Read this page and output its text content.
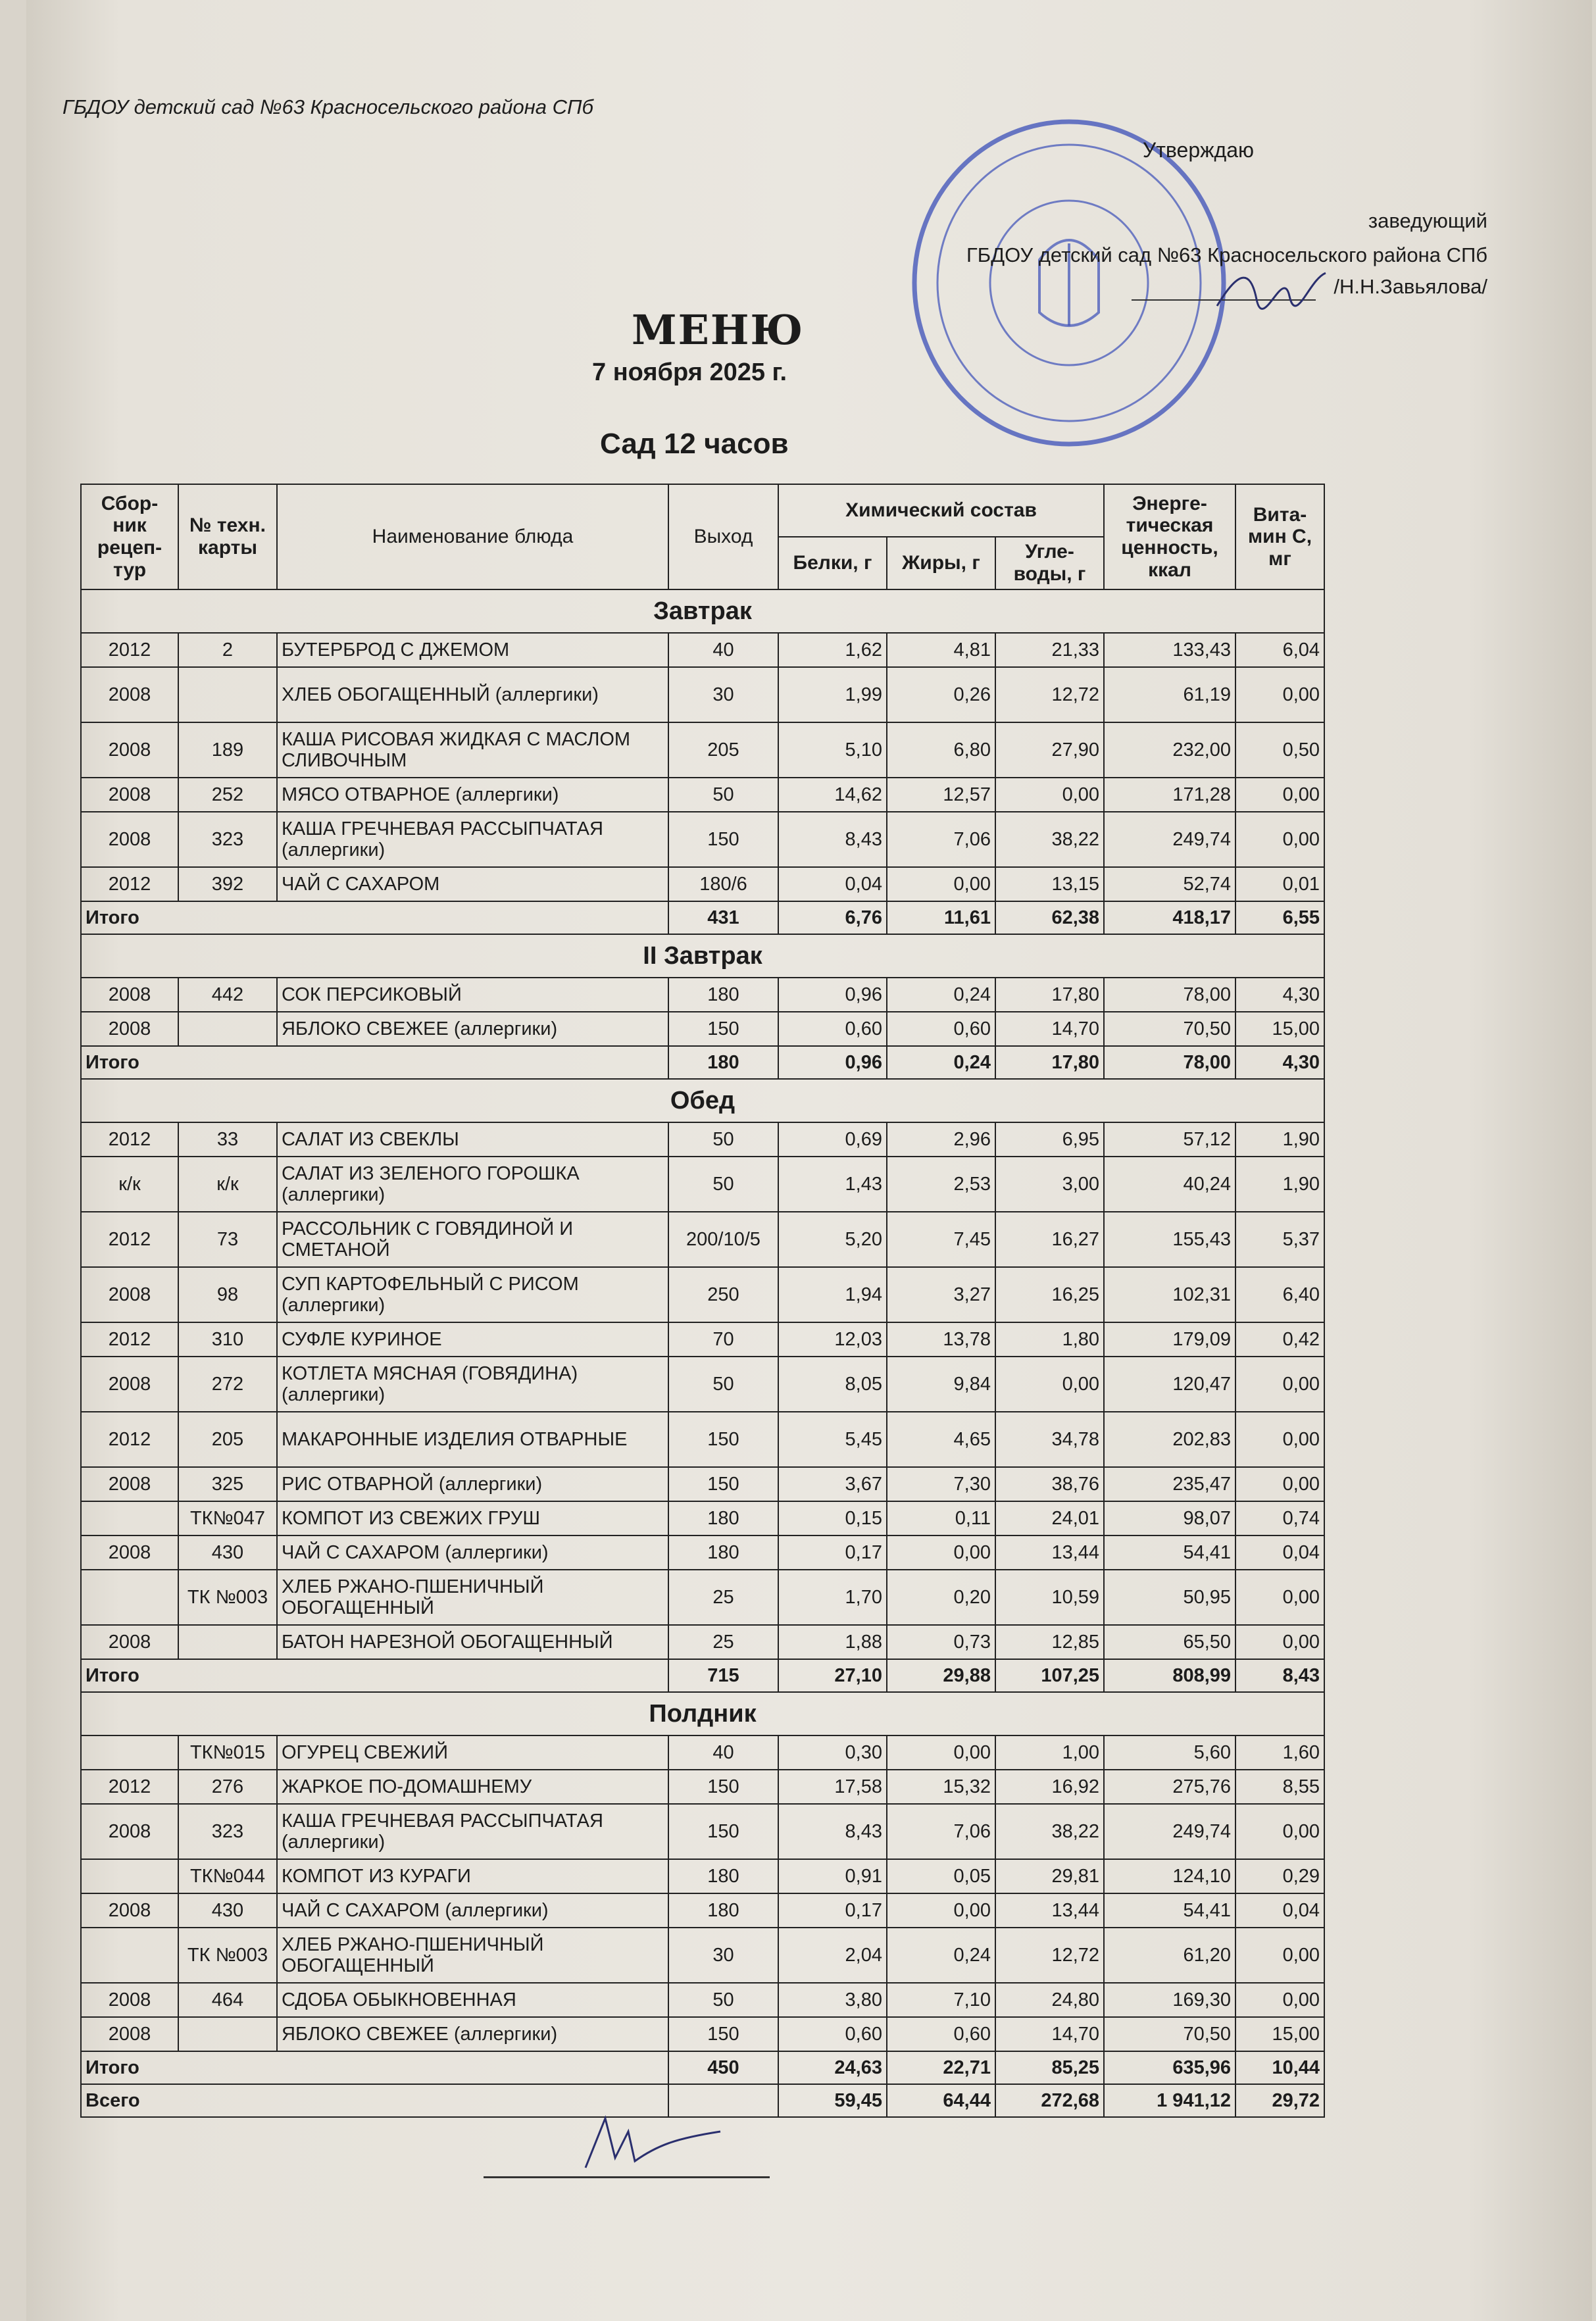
ГБДОУ детский сад №63 Красносельского района СПб
Утверждаю
заведующий
ГБДОУ детский сад №63 Красносельского района СПб
/Н.Н.Завьялова/
МЕНЮ
7 ноября 2025 г.
Сад 12 часов
Сбор-ник рецеп-тур	№ техн. карты	Наименование блюда	Выход	Химический состав			Энерге-тическая ценность, ккал	Вита-мин С, мг
				Белки, г	Жиры, г	Угле-воды, г		
Завтрак								
2012	2	БУТЕРБРОД С ДЖЕМОМ	40	1,62	4,81	21,33	133,43	6,04
2008		ХЛЕБ ОБОГАЩЕННЫЙ (аллергики)	30	1,99	0,26	12,72	61,19	0,00
2008	189	КАША РИСОВАЯ ЖИДКАЯ С МАСЛОМ СЛИВОЧНЫМ	205	5,10	6,80	27,90	232,00	0,50
2008	252	МЯСО ОТВАРНОЕ (аллергики)	50	14,62	12,57	0,00	171,28	0,00
2008	323	КАША ГРЕЧНЕВАЯ РАССЫПЧАТАЯ (аллергики)	150	8,43	7,06	38,22	249,74	0,00
2012	392	ЧАЙ С САХАРОМ	180/6	0,04	0,00	13,15	52,74	0,01
Итого			431	6,76	11,61	62,38	418,17	6,55
II Завтрак								
2008	442	СОК ПЕРСИКОВЫЙ	180	0,96	0,24	17,80	78,00	4,30
2008		ЯБЛОКО СВЕЖЕЕ (аллергики)	150	0,60	0,60	14,70	70,50	15,00
Итого			180	0,96	0,24	17,80	78,00	4,30
Обед								
2012	33	САЛАТ ИЗ СВЕКЛЫ	50	0,69	2,96	6,95	57,12	1,90
к/к	к/к	САЛАТ ИЗ ЗЕЛЕНОГО ГОРОШКА (аллергики)	50	1,43	2,53	3,00	40,24	1,90
2012	73	РАССОЛЬНИК С ГОВЯДИНОЙ И СМЕТАНОЙ	200/10/5	5,20	7,45	16,27	155,43	5,37
2008	98	СУП КАРТОФЕЛЬНЫЙ С РИСОМ (аллергики)	250	1,94	3,27	16,25	102,31	6,40
2012	310	СУФЛЕ КУРИНОЕ	70	12,03	13,78	1,80	179,09	0,42
2008	272	КОТЛЕТА МЯСНАЯ (ГОВЯДИНА) (аллергики)	50	8,05	9,84	0,00	120,47	0,00
2012	205	МАКАРОННЫЕ ИЗДЕЛИЯ ОТВАРНЫЕ	150	5,45	4,65	34,78	202,83	0,00
2008	325	РИС ОТВАРНОЙ (аллергики)	150	3,67	7,30	38,76	235,47	0,00
	ТК№047	КОМПОТ ИЗ СВЕЖИХ ГРУШ	180	0,15	0,11	24,01	98,07	0,74
2008	430	ЧАЙ С САХАРОМ (аллергики)	180	0,17	0,00	13,44	54,41	0,04
	ТК №003	ХЛЕБ РЖАНО-ПШЕНИЧНЫЙ ОБОГАЩЕННЫЙ	25	1,70	0,20	10,59	50,95	0,00
2008		БАТОН НАРЕЗНОЙ ОБОГАЩЕННЫЙ	25	1,88	0,73	12,85	65,50	0,00
Итого			715	27,10	29,88	107,25	808,99	8,43
Полдник								
	ТК№015	ОГУРЕЦ СВЕЖИЙ	40	0,30	0,00	1,00	5,60	1,60
2012	276	ЖАРКОЕ ПО-ДОМАШНЕМУ	150	17,58	15,32	16,92	275,76	8,55
2008	323	КАША ГРЕЧНЕВАЯ РАССЫПЧАТАЯ (аллергики)	150	8,43	7,06	38,22	249,74	0,00
	ТК№044	КОМПОТ ИЗ КУРАГИ	180	0,91	0,05	29,81	124,10	0,29
2008	430	ЧАЙ С САХАРОМ (аллергики)	180	0,17	0,00	13,44	54,41	0,04
	ТК №003	ХЛЕБ РЖАНО-ПШЕНИЧНЫЙ ОБОГАЩЕННЫЙ	30	2,04	0,24	12,72	61,20	0,00
2008	464	СДОБА ОБЫКНОВЕННАЯ	50	3,80	7,10	24,80	169,30	0,00
2008		ЯБЛОКО СВЕЖЕЕ (аллергики)	150	0,60	0,60	14,70	70,50	15,00
Итого			450	24,63	22,71	85,25	635,96	10,44
Всего				59,45	64,44	272,68	1 941,12	29,72
